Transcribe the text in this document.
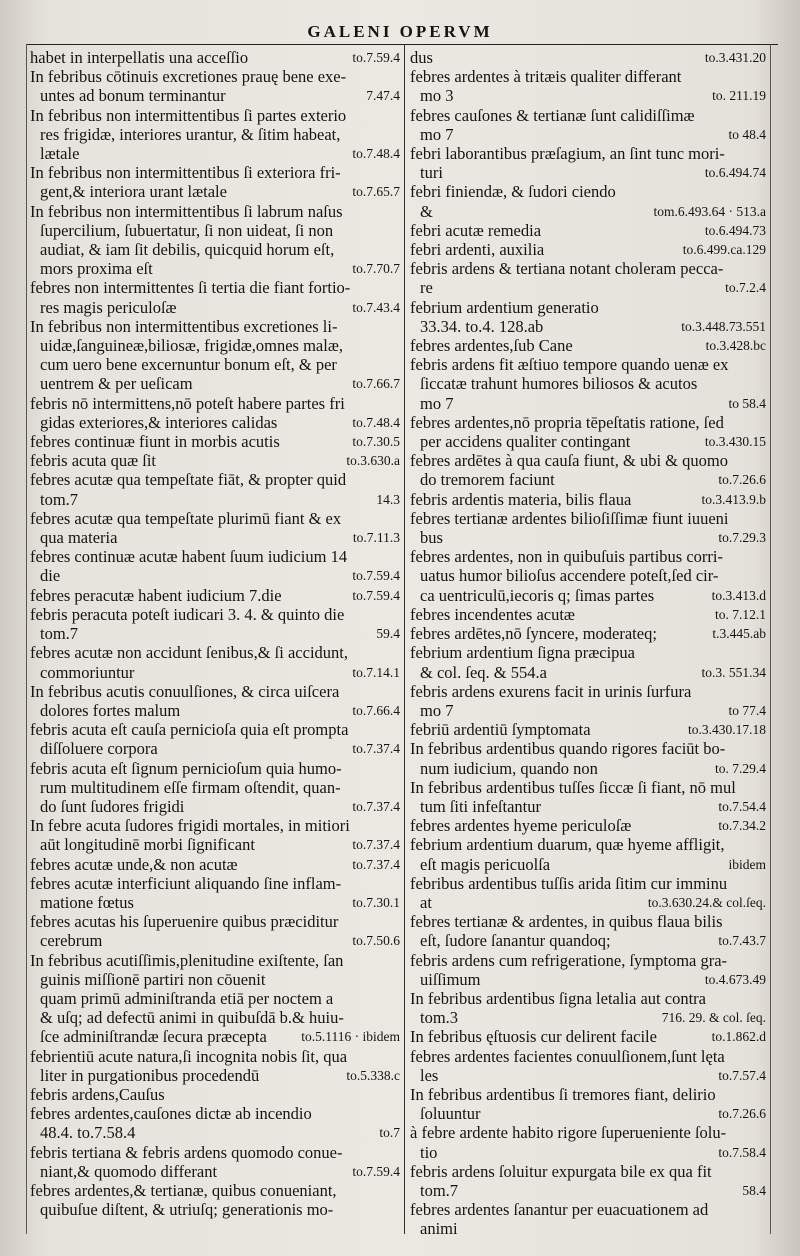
GALENI OPERVM
to.7.59.4
habet in interpellatis una acceſſio
In febribus cōtinuis excretiones prauę bene exe-
7.47.4
untes ad bonum terminantur
In febribus non intermittentibus ſi partes exterio
res frigidæ, interiores urantur, & ſitim habeat,
to.7.48.4
lætale
In febribus non intermittentibus ſi exteriora fri-
to.7.65.7
gent,& interiora urant lætale
In febribus non intermittentibus ſi labrum naſus
ſupercilium, ſubuertatur, ſi non uideat, ſi non
audiat, & iam ſit debilis, quicquid horum eſt,
to.7.70.7
mors proxima eſt
febres non intermittentes ſi tertia die fiant fortio-
to.7.43.4
res magis periculoſæ
In febribus non intermittentibus excretiones li-
uidæ,ſanguineæ,biliosæ, frigidæ,omnes malæ,
cum uero bene excernuntur bonum eſt, & per
to.7.66.7
uentrem & per ueſicam
febris nō intermittens,nō poteſt habere partes fri
to.7.48.4
gidas exteriores,& interiores calidas
to.7.30.5
febres continuæ fiunt in morbis acutis
to.3.630.a
febris acuta quæ ſit
febres acutæ qua tempeſtate fiāt, & propter quid
14.3
tom.7
febres acutæ qua tempeſtate plurimū fiant & ex
to.7.11.3
qua materia
febres continuæ acutæ habent ſuum iudicium 14
to.7.59.4
die
to.7.59.4
febres peracutæ habent iudicium 7.die
febris peracuta poteſt iudicari 3. 4. & quinto die
59.4
tom.7
febres acutæ non accidunt ſenibus,& ſi accidunt,
to.7.14.1
commoriuntur
In febribus acutis conuulſiones, & circa uiſcera
to.7.66.4
dolores fortes malum
febris acuta eſt cauſa pernicioſa quia eſt prompta
to.7.37.4
diſſoluere corpora
febris acuta eſt ſignum pernicioſum quia humo-
rum multitudinem eſſe firmam oſtendit, quan-
to.7.37.4
do ſunt ſudores frigidi
In febre acuta ſudores frigidi mortales, in mitiori
to.7.37.4
aūt longitudinē morbi ſignificant
to.7.37.4
febres acutæ unde,& non acutæ
febres acutæ interficiunt aliquando ſine inflam-
to.7.30.1
matione fœtus
febres acutas his ſuperuenire quibus præciditur
to.7.50.6
cerebrum
In febribus acutiſſimis,plenitudine exiſtente, ſan
guinis miſſionē partiri non cōuenit
quam primū adminiſtranda etiā per noctem a
& uſq; ad defectū animi in quibuſdā b.& huiu-
to.5.1116 · ibidem
ſce adminiſtrandæ ſecura præcepta
febrientiū acute natura,ſi incognita nobis ſit, qua
to.5.338.c
liter in purgationibus procedendū
febris ardens,Cauſus
febres ardentes,cauſones dictæ ab incendio
to.7
48.4. to.7.58.4
febris tertiana & febris ardens quomodo conue-
to.7.59.4
niant,& quomodo differant
febres ardentes,& tertianæ, quibus conueniant,
quibuſue diſtent, & utriuſq; generationis mo-
to.3.431.20
dus
febres ardentes à tritæis qualiter differant
to. 211.19
mo 3
febres cauſones & tertianæ ſunt calidiſſimæ
to 48.4
mo 7
febri laborantibus præſagium, an ſint tunc mori-
to.6.494.74
turi
febri finiendæ, & ſudori ciendo
tom.6.493.64 · 513.a
&
to.6.494.73
febri acutæ remedia
to.6.499.ca.129
febri ardenti, auxilia
febris ardens & tertiana notant choleram pecca-
to.7.2.4
re
febrium ardentium generatio
to.3.448.73.551
33.34. to.4. 128.ab
to.3.428.bc
febres ardentes,ſub Cane
febris ardens fit æſtiuo tempore quando uenæ ex
ſiccatæ trahunt humores biliosos & acutos
to 58.4
mo 7
febres ardentes,nō propria tēpeſtatis ratione, ſed
to.3.430.15
per accidens qualiter contingant
febres ardētes à qua cauſa fiunt, & ubi & quomo
to.7.26.6
do tremorem faciunt
to.3.413.9.b
febris ardentis materia, bilis flaua
febres tertianæ ardentes bilioſiſſimæ fiunt iuueni
to.7.29.3
bus
febres ardentes, non in quibuſuis partibus corri-
uatus humor bilioſus accendere poteſt,ſed cir-
to.3.413.d
ca uentriculū,iecoris q; ſimas partes
to. 7.12.1
febres incendentes acutæ
t.3.445.ab
febres ardētes,nō ſyncere, moderateq;
febrium ardentium ſigna præcipua
to.3. 551.34
& col. ſeq. & 554.a
febris ardens exurens facit in urinis ſurfura
to 77.4
mo 7
to.3.430.17.18
febriū ardentiū ſymptomata
In febribus ardentibus quando rigores faciūt bo-
to. 7.29.4
num iudicium, quando non
In febribus ardentibus tuſſes ſiccæ ſi fiant, nō mul
to.7.54.4
tum ſiti infeſtantur
to.7.34.2
febres ardentes hyeme periculoſæ
febrium ardentium duarum, quæ hyeme affligit,
ibidem
eſt magis pericuolſa
febribus ardentibus tuſſis arida ſitim cur imminu
to.3.630.24.& col.ſeq.
at
febres tertianæ & ardentes, in quibus flaua bilis
to.7.43.7
eſt, ſudore ſanantur quandoq;
febris ardens cum refrigeratione, ſymptoma gra-
to.4.673.49
uiſſimum
In febribus ardentibus ſigna letalia aut contra
716. 29. & col. ſeq.
tom.3
to.1.862.d
In febribus ęſtuosis cur delirent facile
febres ardentes facientes conuulſionem,ſunt lęta
to.7.57.4
les
In febribus ardentibus ſi tremores fiant, delirio
to.7.26.6
ſoluuntur
à febre ardente habito rigore ſuperueniente ſolu-
to.7.58.4
tio
febris ardens ſoluitur expurgata bile ex qua fit
58.4
tom.7
febres ardentes ſanantur per euacuationem ad
animi
